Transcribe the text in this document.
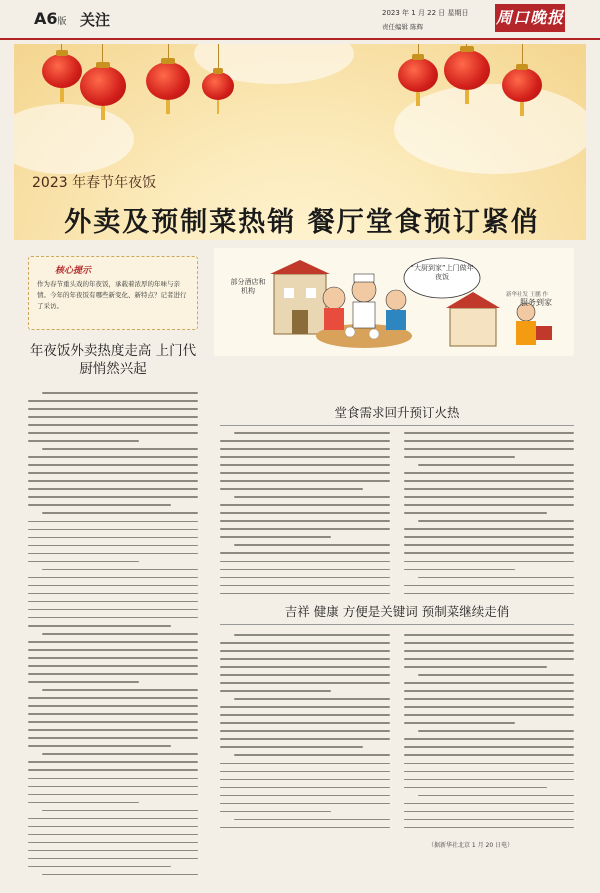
A6版 关注	2023 年 1 月 22 日 星期日
责任编辑 陈辉	周口晚报
2023 年春节年夜饭
外卖及预制菜热销 餐厅堂食预订紧俏
核心提示
作为春节重头戏的年夜饭，承载着浓厚的年味与亲情。今年的年夜饭有哪些新变化、新特点？记者进行了采访。
部分酒店和机构
“大厨到家”上门做年夜饭
服务到家
新华社发 王鹏 作
年夜饭外卖热度走高 上门代厨悄然兴起
堂食需求回升预订火热
吉祥 健康 方便是关键词 预制菜继续走俏
（据新华社北京 1 月 20 日电）
